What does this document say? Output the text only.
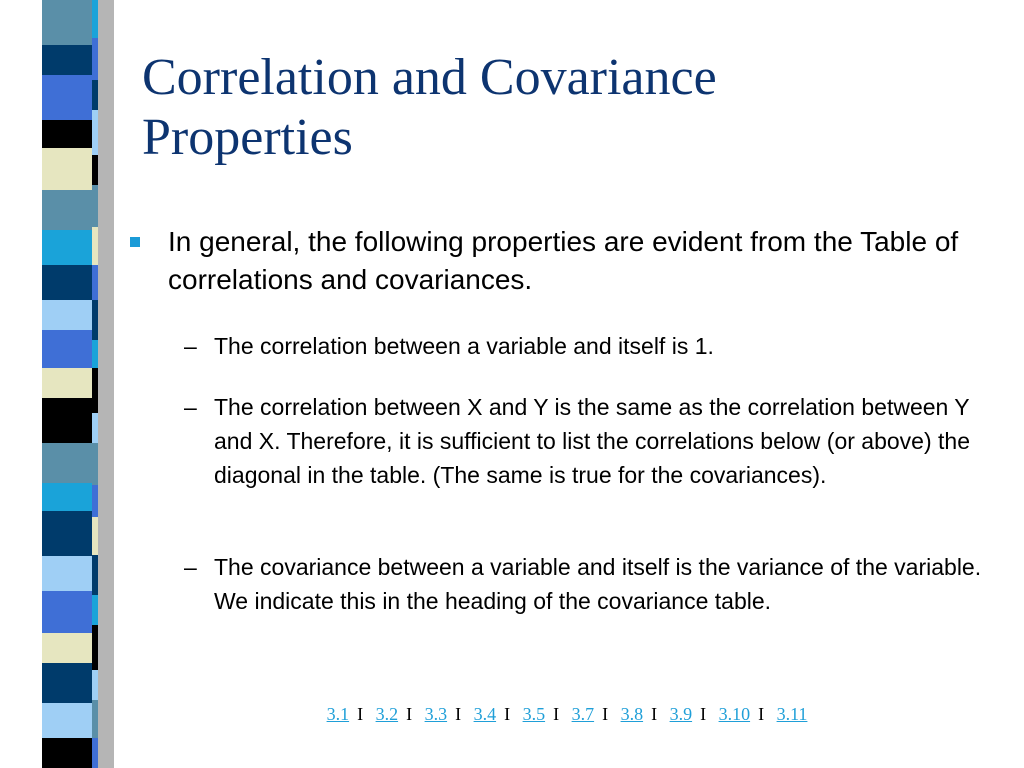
Correlation and Covariance
Properties
In general, the following properties are evident from the Table of correlations and covariances.
– The correlation between a variable and itself is 1.
– The correlation between X and Y is the same as the correlation between Y and X. Therefore, it is sufficient to list the correlations below (or above) the diagonal in the table. (The same is true for the covariances).
– The covariance between a variable and itself is the variance of the variable. We indicate this in the heading of the covariance table.
3.1 I 3.2 I 3.3 I 3.4 I 3.5 I 3.7 I 3.8 I 3.9 I 3.10 I 3.11
